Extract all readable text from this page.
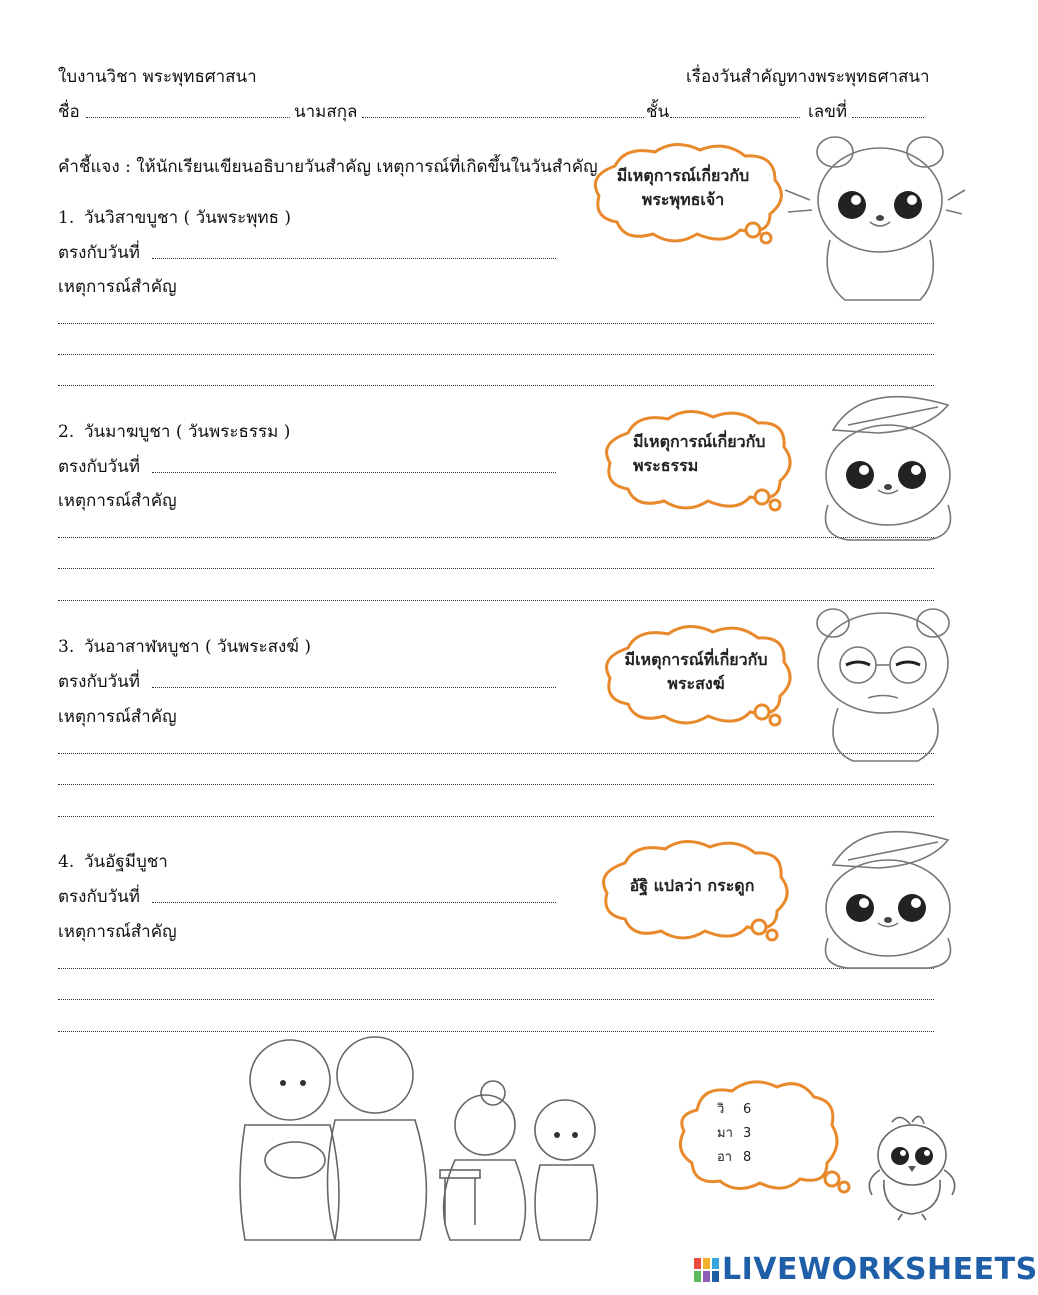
ใบงานวิชา พระพุทธศาสนา	เรื่องวันสำคัญทางพระพุทธศาสนา
ชื่อ	นามสกุล	ชั้น	เลขที่
คำชี้แจง : ให้นักเรียนเขียนอธิบายวันสำคัญ เหตุการณ์ที่เกิดขึ้นในวันสำคัญ
1. วันวิสาขบูชา ( วันพระพุทธ )
ตรงกับวันที่
เหตุการณ์สำคัญ
2. วันมาฆบูชา ( วันพระธรรม )
ตรงกับวันที่
เหตุการณ์สำคัญ
3. วันอาสาฬหบูชา ( วันพระสงฆ์ )
ตรงกับวันที่
เหตุการณ์สำคัญ
4. วันอัฐมีบูชา
ตรงกับวันที่
เหตุการณ์สำคัญ
มีเหตุการณ์เกี่ยวกับ
พระพุทธเจ้า
มีเหตุการณ์เกี่ยวกับ
พระธรรม
มีเหตุการณ์ที่เกี่ยวกับ
พระสงฆ์
อัฐิ แปลว่า กระดูก
วิ	6
มา 3
อา 8
LIVEWORKSHEETS
